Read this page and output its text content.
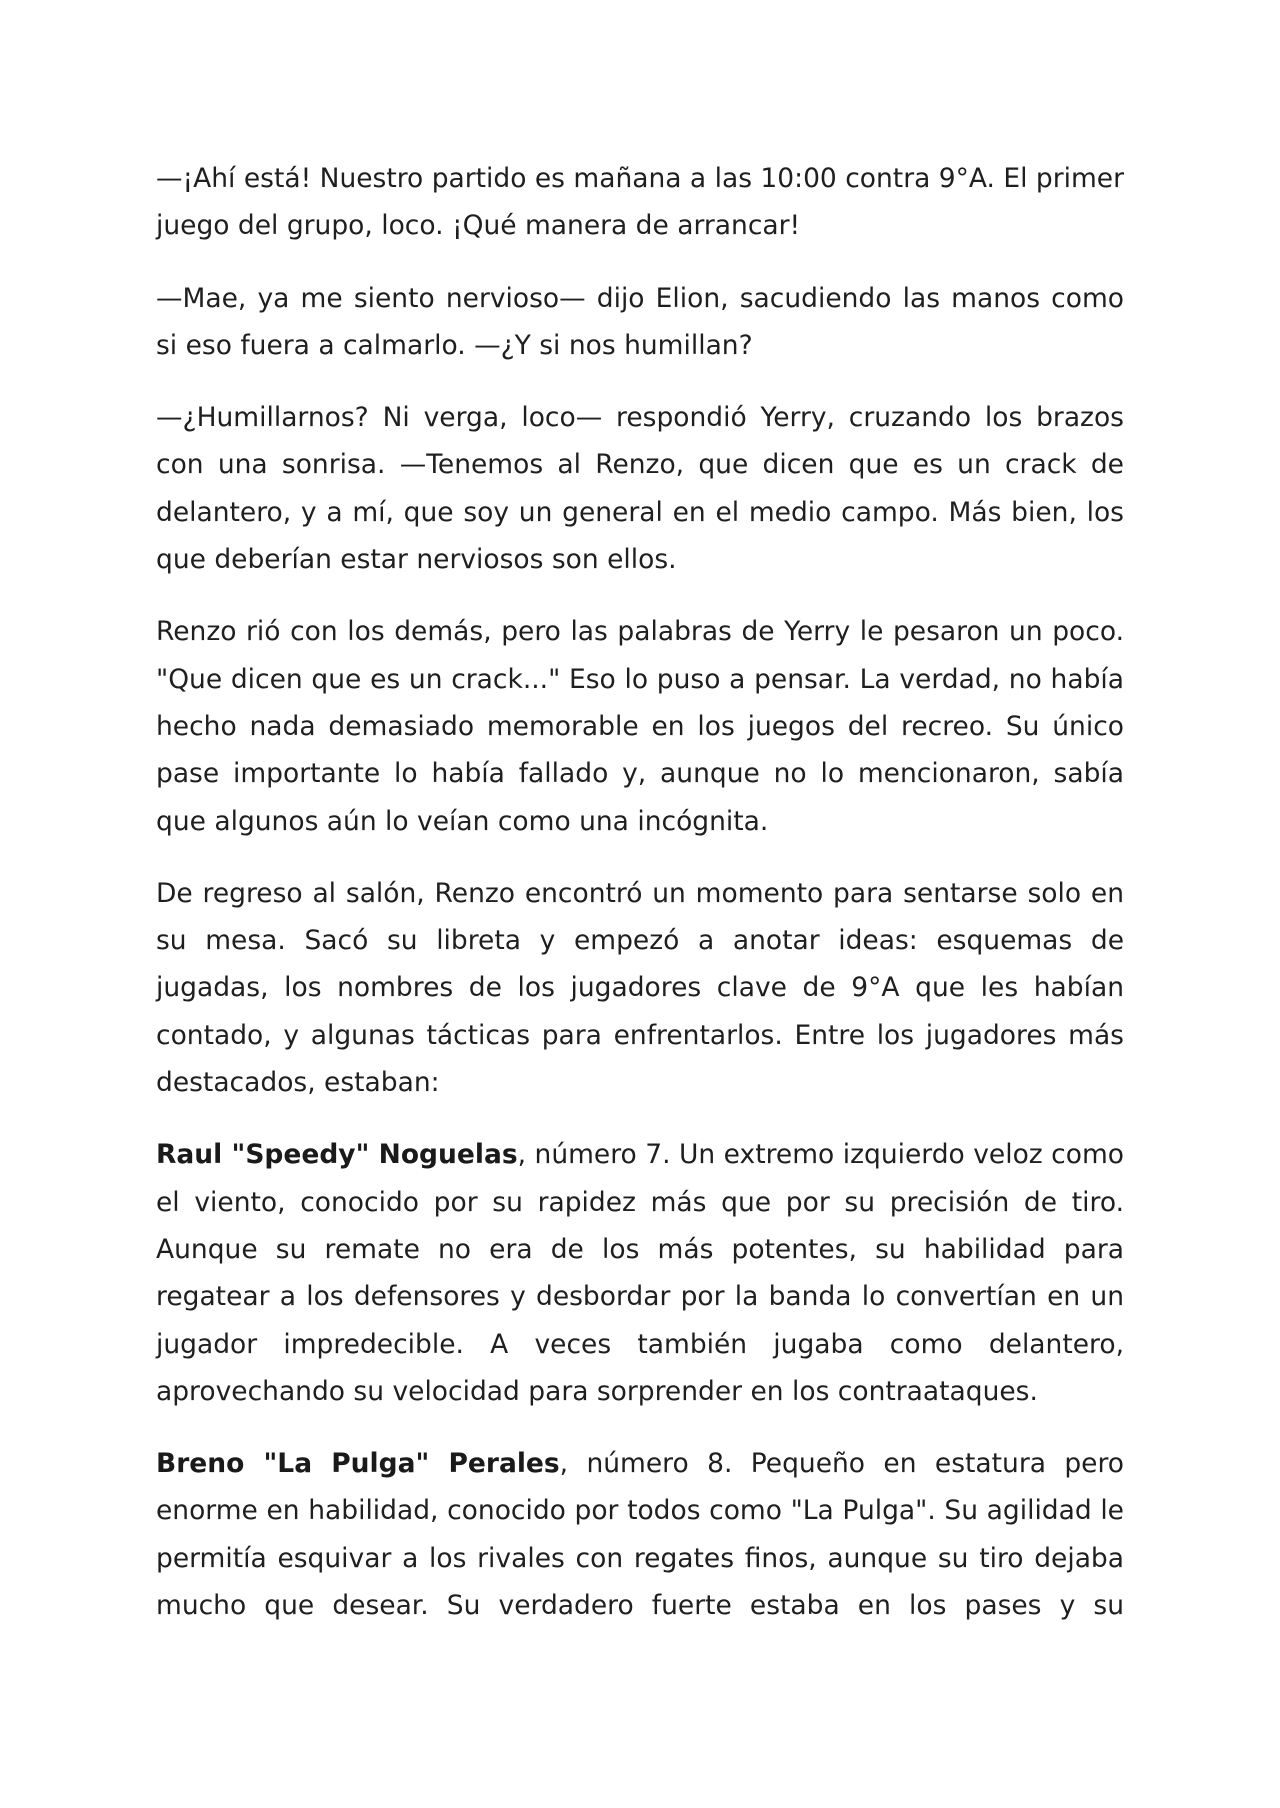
—¡Ahí está! Nuestro partido es mañana a las 10:00 contra 9°A. El primer juego del grupo, loco. ¡Qué manera de arrancar!

—Mae, ya me siento nervioso— dijo Elion, sacudiendo las manos como si eso fuera a calmarlo. —¿Y si nos humillan?

—¿Humillarnos? Ni verga, loco— respondió Yerry, cruzando los brazos con una sonrisa. —Tenemos al Renzo, que dicen que es un crack de delantero, y a mí, que soy un general en el medio campo. Más bien, los que deberían estar nerviosos son ellos.

Renzo rió con los demás, pero las palabras de Yerry le pesaron un poco. "Que dicen que es un crack..." Eso lo puso a pensar. La verdad, no había hecho nada demasiado memorable en los juegos del recreo. Su único pase importante lo había fallado y, aunque no lo mencionaron, sabía que algunos aún lo veían como una incógnita.

De regreso al salón, Renzo encontró un momento para sentarse solo en su mesa. Sacó su libreta y empezó a anotar ideas: esquemas de jugadas, los nombres de los jugadores clave de 9°A que les habían contado, y algunas tácticas para enfrentarlos. Entre los jugadores más destacados, estaban:

Raul "Speedy" Noguelas, número 7. Un extremo izquierdo veloz como el viento, conocido por su rapidez más que por su precisión de tiro. Aunque su remate no era de los más potentes, su habilidad para regatear a los defensores y desbordar por la banda lo convertían en un jugador impredecible. A veces también jugaba como delantero, aprovechando su velocidad para sorprender en los contraataques.

Breno "La Pulga" Perales, número 8. Pequeño en estatura pero enorme en habilidad, conocido por todos como "La Pulga". Su agilidad le permitía esquivar a los rivales con regates finos, aunque su tiro dejaba mucho que desear. Su verdadero fuerte estaba en los pases y su
